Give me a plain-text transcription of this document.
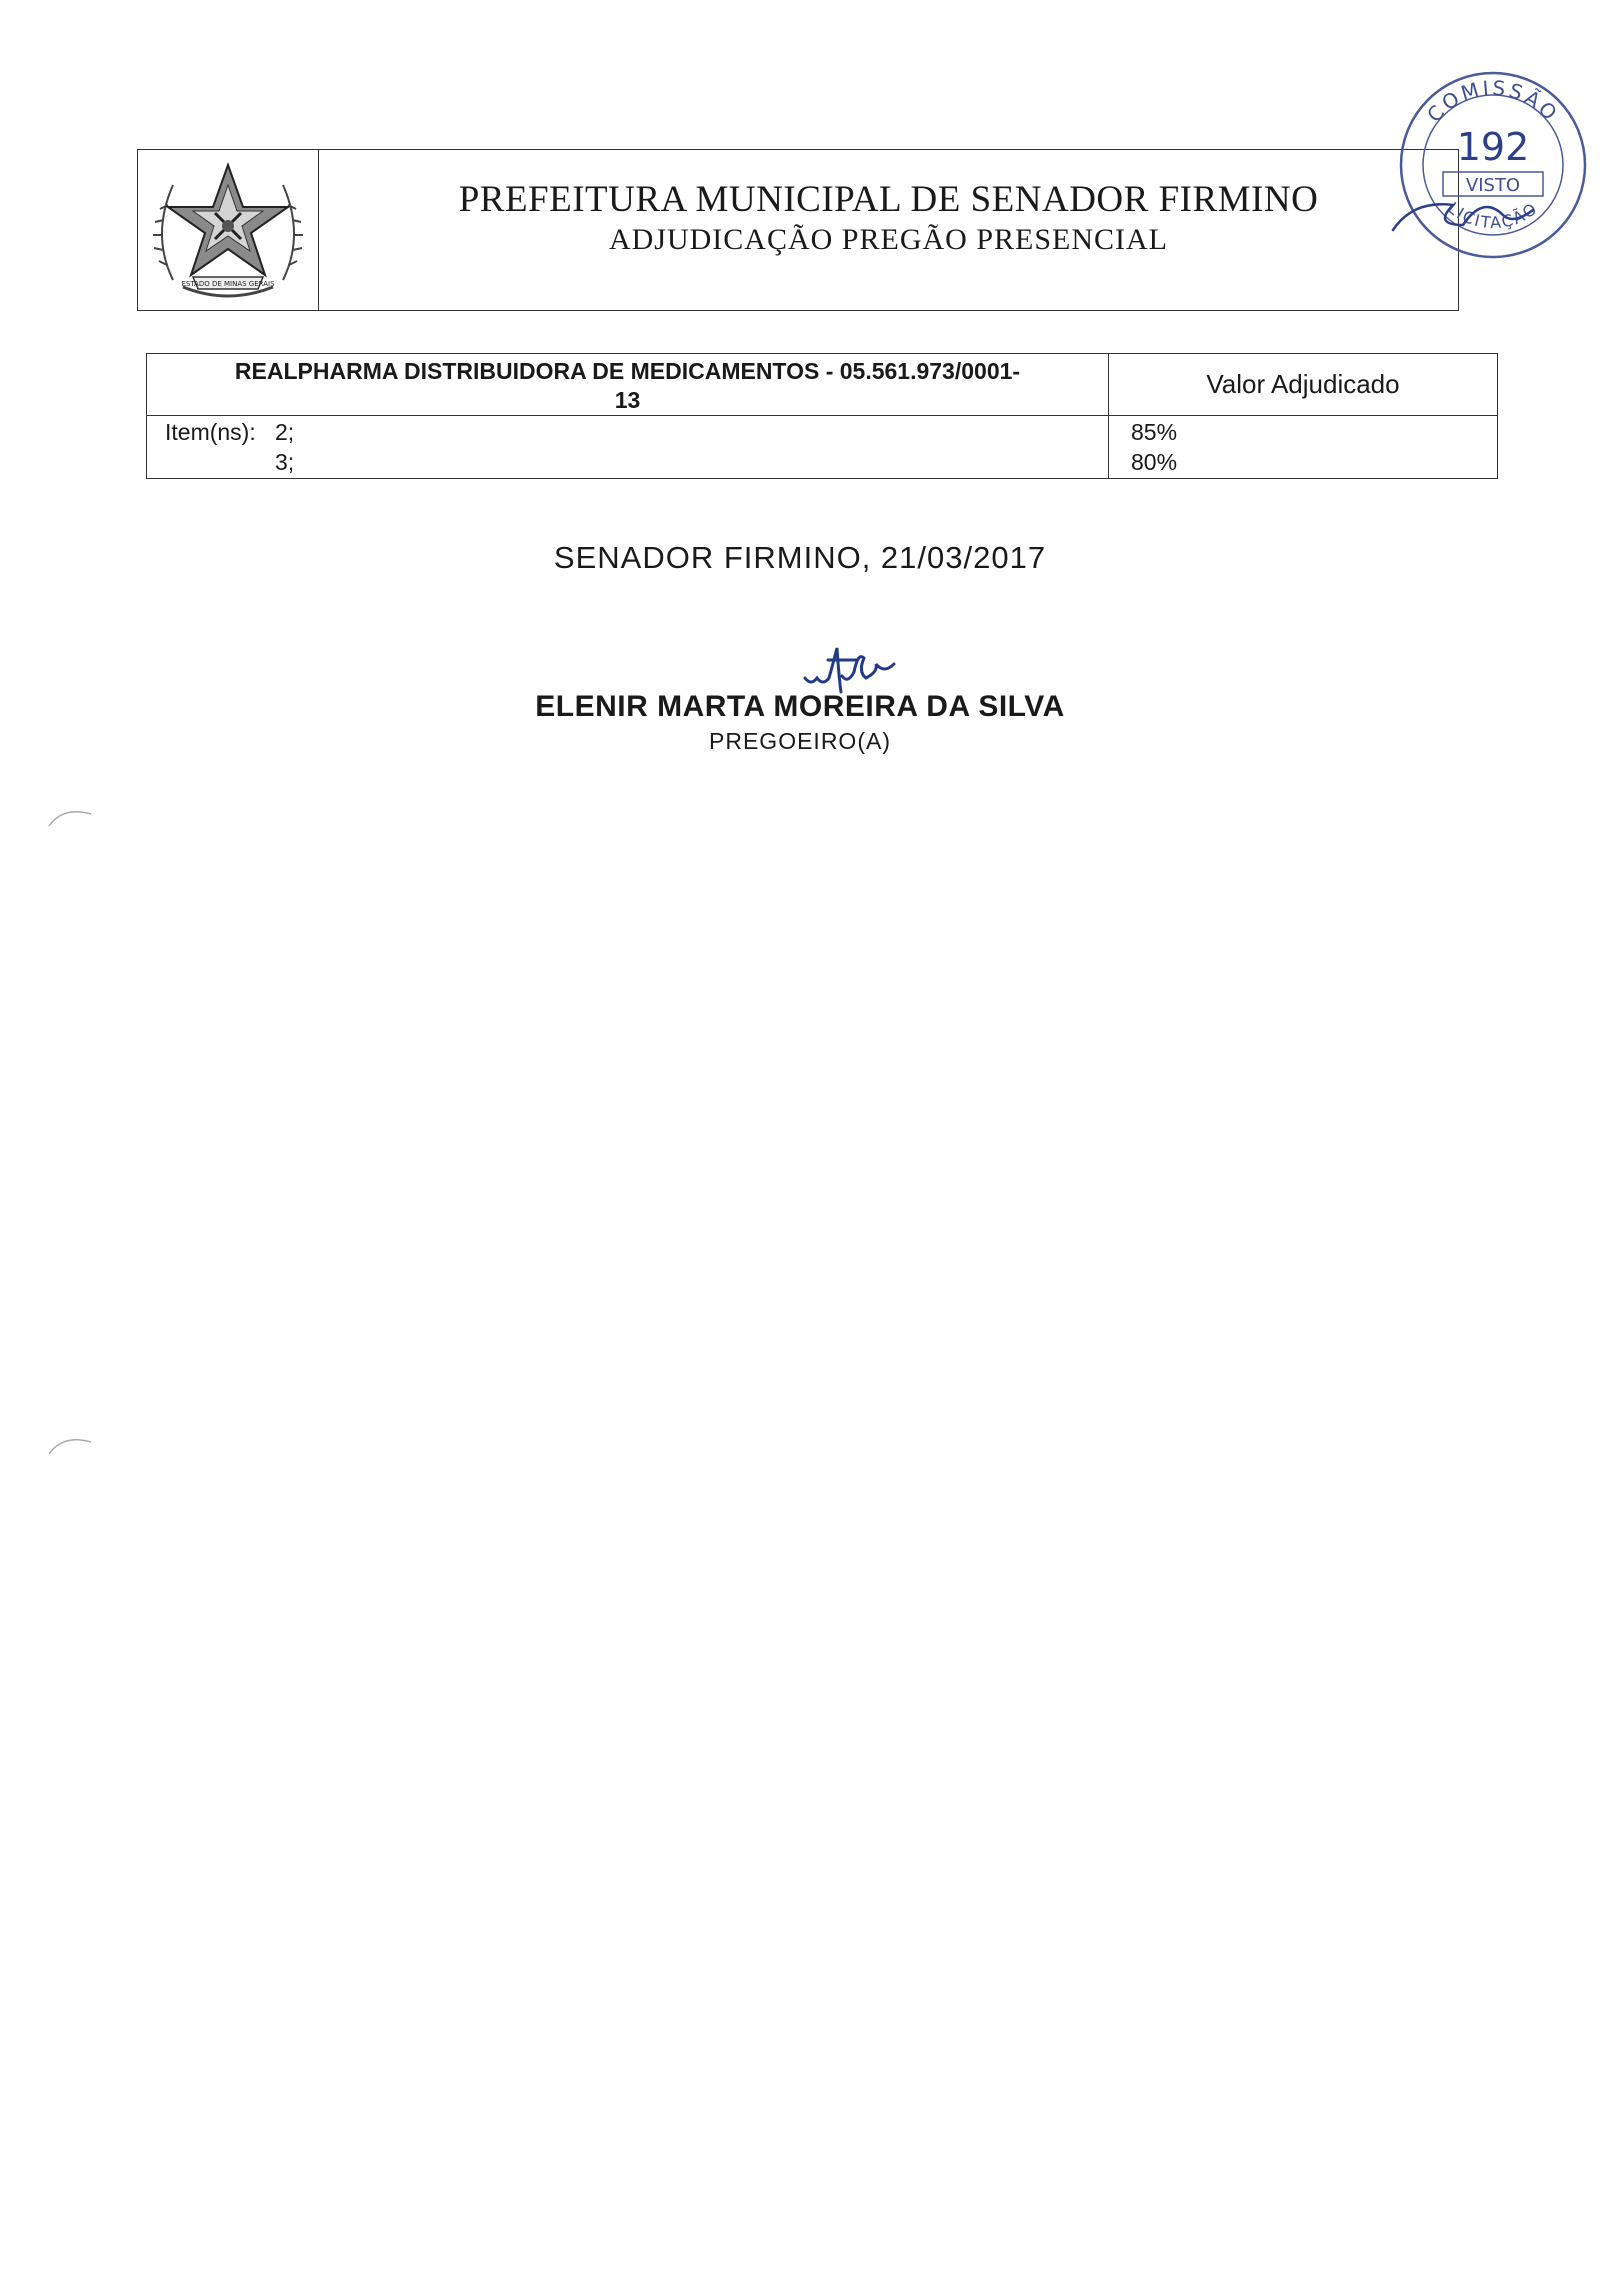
ESTADO DE MINAS GERAIS
PREFEITURA MUNICIPAL DE SENADOR FIRMINO
ADJUDICAÇÃO PREGÃO PRESENCIAL
REALPHARMA DISTRIBUIDORA DE MEDICAMENTOS - 05.561.973/0001-
13
Valor Adjudicado
Item(ns): 2;
3;
85%
80%
SENADOR FIRMINO, 21/03/2017
ELENIR MARTA MOREIRA DA SILVA
PREGOEIRO(A)
COMISSÃO
192
VISTO
LICITAÇÃO
